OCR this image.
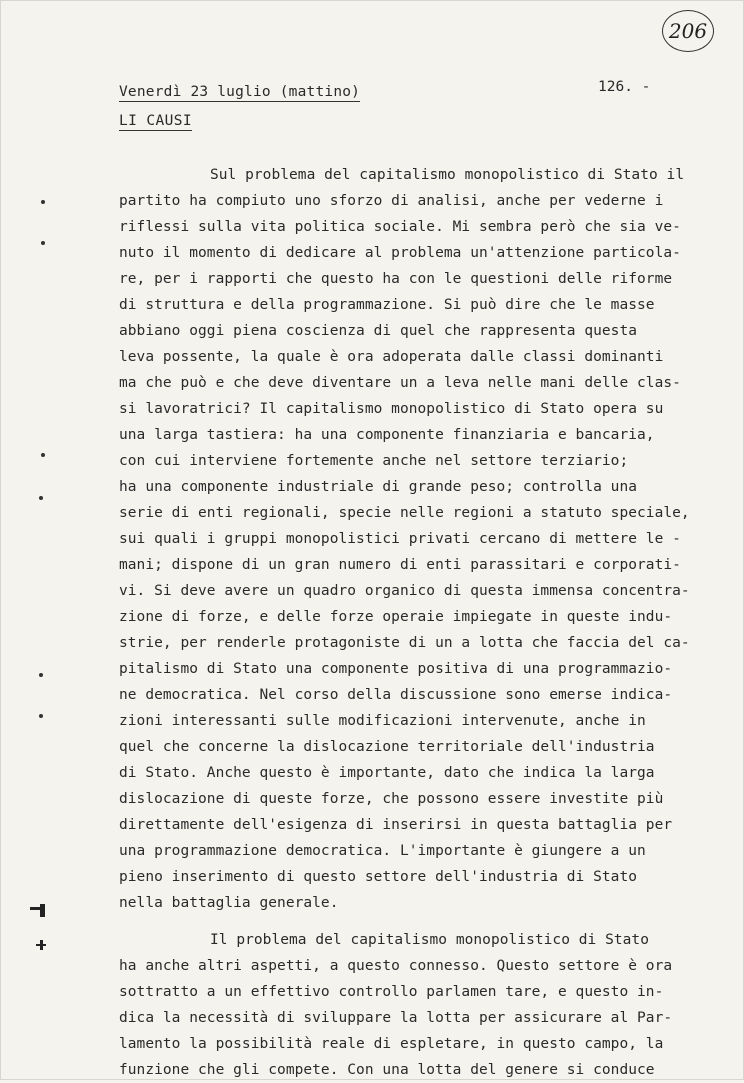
206
Venerdì 23 luglio (mattino)	126. -
LI CAUSI
Sul problema del capitalismo monopolistico di Stato il
partito ha compiuto uno sforzo di analisi, anche per vederne i
riflessi sulla vita politica sociale. Mi sembra però che sia ve-
nuto il momento di dedicare al problema un'attenzione particola-
re, per i rapporti che questo ha con le questioni delle riforme
di struttura e della programmazione. Si può dire che le masse
abbiano oggi piena coscienza di quel che rappresenta questa
leva possente, la quale è ora adoperata dalle classi dominanti
ma che può e che deve diventare un a leva nelle mani delle clas-
si lavoratrici? Il capitalismo monopolistico di Stato opera su
una larga tastiera: ha una componente finanziaria e bancaria,
con cui interviene fortemente anche nel settore terziario;
ha una componente industriale di grande peso; controlla una
serie di enti regionali, specie nelle regioni a statuto speciale,
sui quali i gruppi monopolistici privati cercano di mettere le -
mani; dispone di un gran numero di enti parassitari e corporati-
vi. Si deve avere un quadro organico di questa immensa concentra-
zione di forze, e delle forze operaie impiegate in queste indu-
strie, per renderle protagoniste di un a lotta che faccia del ca-
pitalismo di Stato una componente positiva di una programmazio-
ne democratica. Nel corso della discussione sono emerse indica-
zioni interessanti sulle modificazioni intervenute, anche in
quel che concerne la dislocazione territoriale dell'industria
di Stato. Anche questo è importante, dato che indica la larga
dislocazione di queste forze, che possono essere investite più
direttamente dell'esigenza di inserirsi in questa battaglia per
una programmazione democratica. L'importante è giungere a un
pieno inserimento di questo settore dell'industria di Stato
nella battaglia generale.
Il problema del capitalismo monopolistico di Stato
ha anche altri aspetti, a questo connesso. Questo settore è ora
sottratto a un effettivo controllo parlamen tare, e questo in-
dica la necessità di sviluppare la lotta per assicurare al Par-
lamento la possibilità reale di espletare, in questo campo, la
funzione che gli compete. Con una lotta del genere si conduce
